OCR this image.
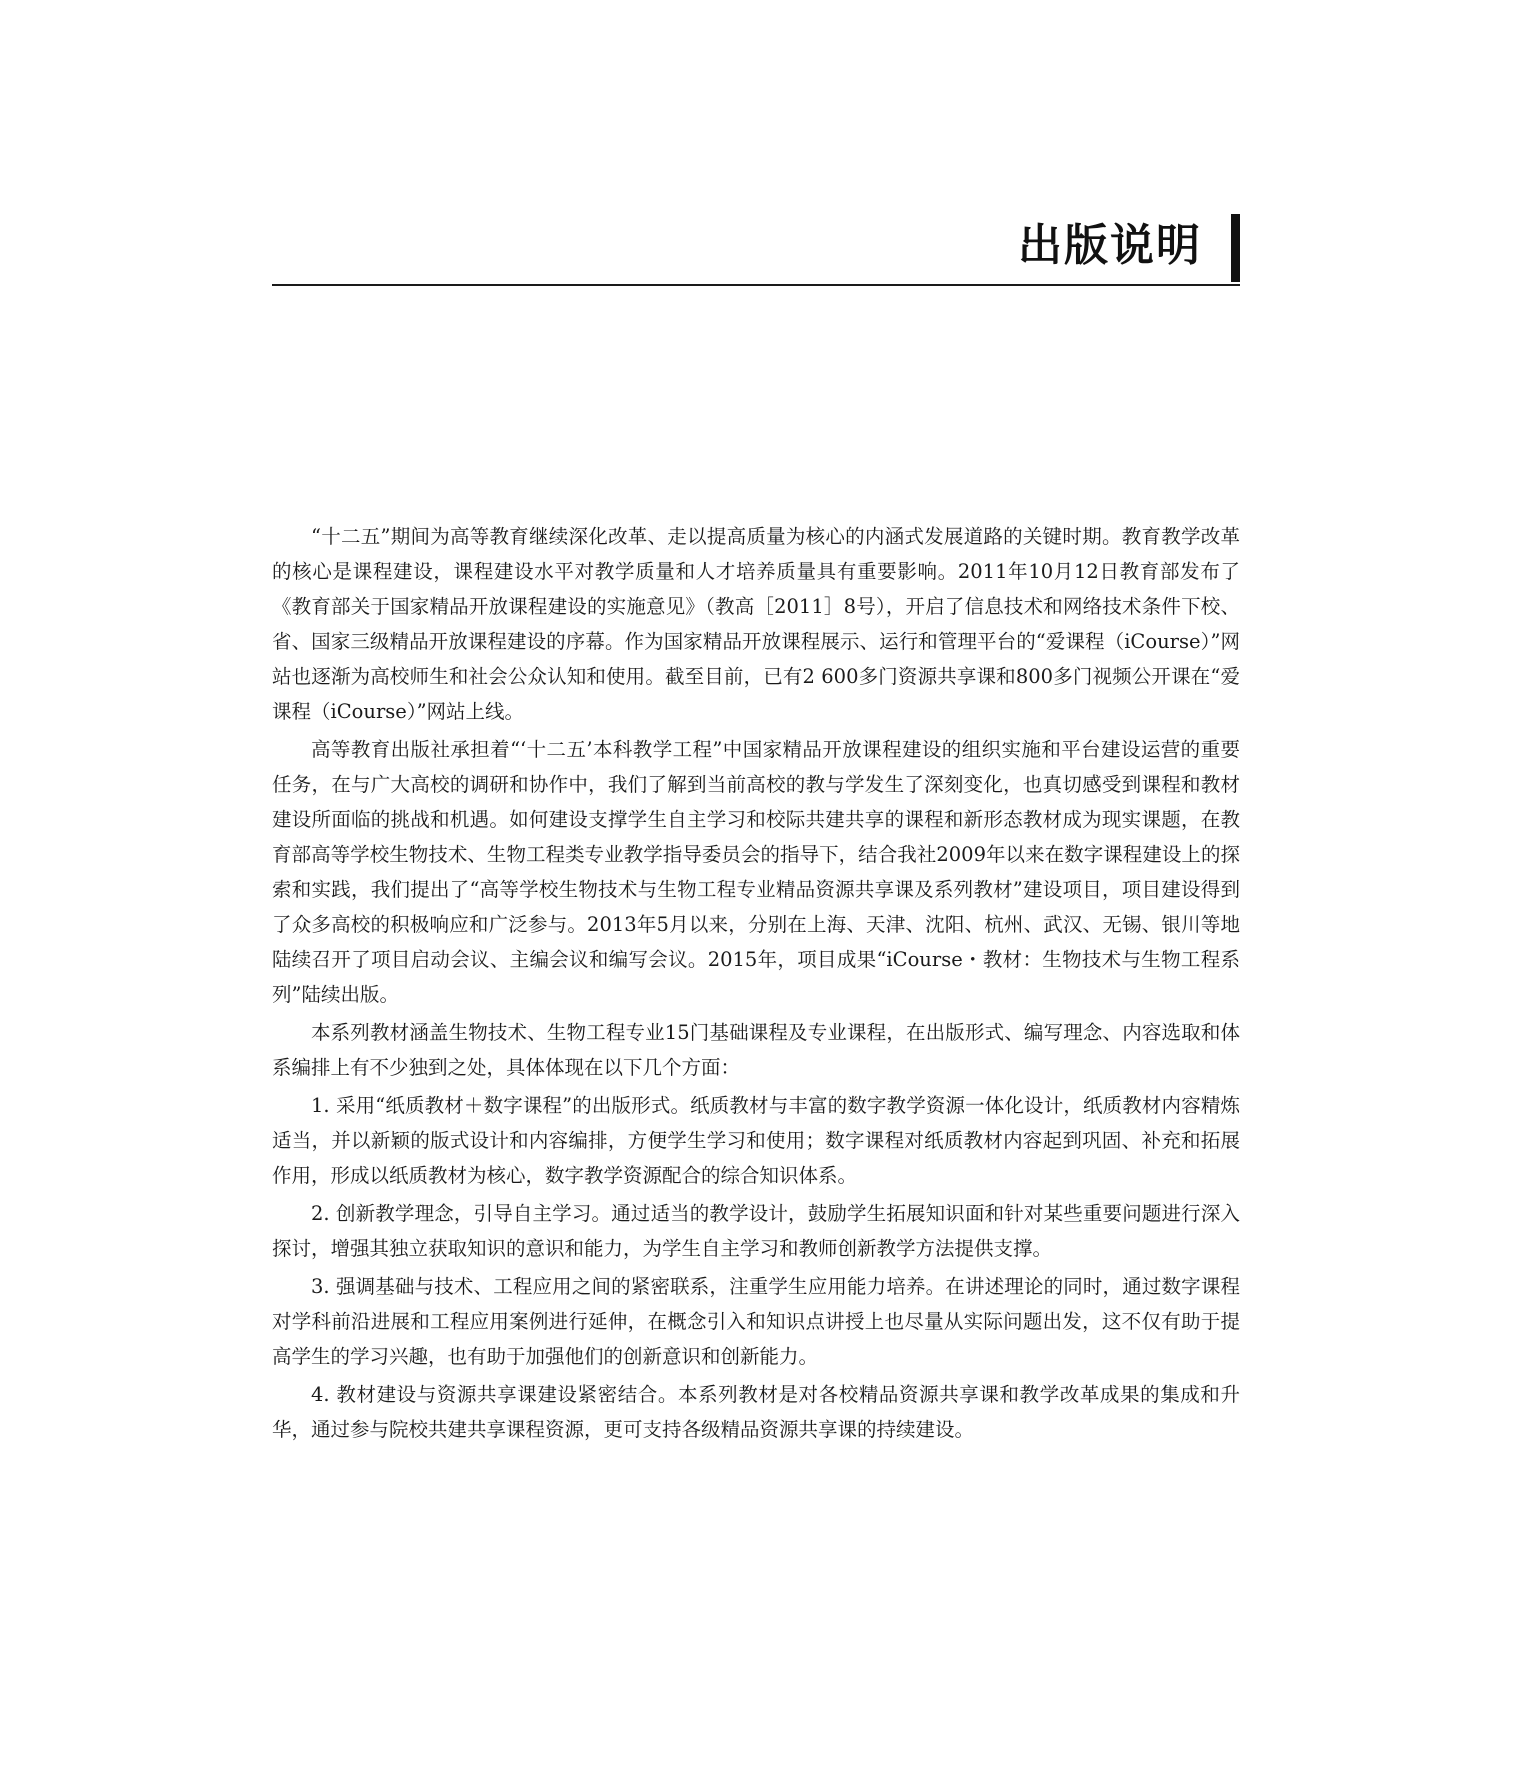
出版说明

“十二五”期间为高等教育继续深化改革、走以提高质量为核心的内涵式发展道路的关键时期。教育教学改革的核心是课程建设，课程建设水平对教学质量和人才培养质量具有重要影响。2011年10月12日教育部发布了《教育部关于国家精品开放课程建设的实施意见》（教高［2011］8号），开启了信息技术和网络技术条件下校、省、国家三级精品开放课程建设的序幕。作为国家精品开放课程展示、运行和管理平台的“爱课程（iCourse）”网站也逐渐为高校师生和社会公众认知和使用。截至目前，已有2 600多门资源共享课和800多门视频公开课在“爱课程（iCourse）”网站上线。

高等教育出版社承担着“‘十二五’本科教学工程”中国家精品开放课程建设的组织实施和平台建设运营的重要任务，在与广大高校的调研和协作中，我们了解到当前高校的教与学发生了深刻变化，也真切感受到课程和教材建设所面临的挑战和机遇。如何建设支撑学生自主学习和校际共建共享的课程和新形态教材成为现实课题，在教育部高等学校生物技术、生物工程类专业教学指导委员会的指导下，结合我社2009年以来在数字课程建设上的探索和实践，我们提出了“高等学校生物技术与生物工程专业精品资源共享课及系列教材”建设项目，项目建设得到了众多高校的积极响应和广泛参与。2013年5月以来，分别在上海、天津、沈阳、杭州、武汉、无锡、银川等地陆续召开了项目启动会议、主编会议和编写会议。2015年，项目成果“iCourse・教材：生物技术与生物工程系列”陆续出版。

本系列教材涵盖生物技术、生物工程专业15门基础课程及专业课程，在出版形式、编写理念、内容选取和体系编排上有不少独到之处，具体体现在以下几个方面：

1. 采用“纸质教材＋数字课程”的出版形式。纸质教材与丰富的数字教学资源一体化设计，纸质教材内容精炼适当，并以新颖的版式设计和内容编排，方便学生学习和使用；数字课程对纸质教材内容起到巩固、补充和拓展作用，形成以纸质教材为核心，数字教学资源配合的综合知识体系。

2. 创新教学理念，引导自主学习。通过适当的教学设计，鼓励学生拓展知识面和针对某些重要问题进行深入探讨，增强其独立获取知识的意识和能力，为学生自主学习和教师创新教学方法提供支撑。

3. 强调基础与技术、工程应用之间的紧密联系，注重学生应用能力培养。在讲述理论的同时，通过数字课程对学科前沿进展和工程应用案例进行延伸，在概念引入和知识点讲授上也尽量从实际问题出发，这不仅有助于提高学生的学习兴趣，也有助于加强他们的创新意识和创新能力。

4. 教材建设与资源共享课建设紧密结合。本系列教材是对各校精品资源共享课和教学改革成果的集成和升华，通过参与院校共建共享课程资源，更可支持各级精品资源共享课的持续建设。
